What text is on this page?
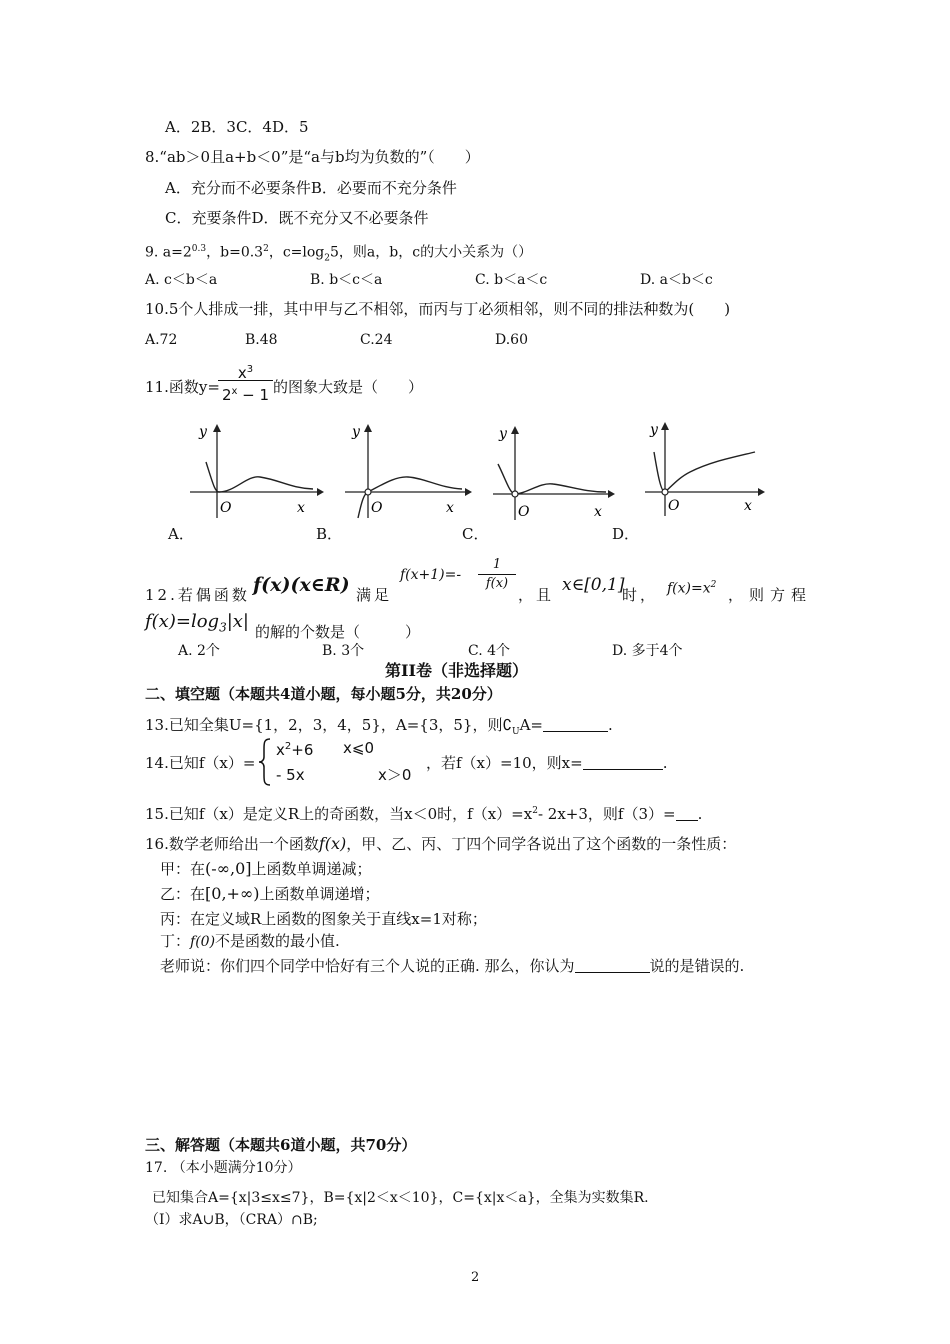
A．2B．3C．4D．5
8.“ab＞0且a+b＜0”是“a与b均为负数的”（　　）
A．充分而不必要条件B．必要而不充分条件
C．充要条件D．既不充分又不必要条件
9. $a=2^{0.3}$，$b=0.3^2$，$c=\log_25$，则a，b，c的大小关系为（）
A. c＜b＜a	B. b＜c＜a	C. b＜a＜c	D. a＜b＜c
10.5个人排成一排，其中甲与乙不相邻，而丙与丁必须相邻，则不同的排法种数为(　　)
A.72	B.48	C.24	D.60
11.函数y=
$x^3$
$2^x - 1$ 的图象大致是（　　）
y
x
O
y
x
O
y
x
O
y
x
O
A．	B．	C．	D．
12.若偶函数 f(x)(x∈R) 满足
f(x+1)=-
1
f(x)
，且 x∈[0,1]
时， $f(x)=x^2$
，则方程
$f(x)=\log_3|x|$ 的解的个数是（　　　）
A. 2个	B. 3个	C. 4个	D. 多于4个
第II卷（非选择题）
二、填空题（本题共4道小题，每小题5分，共20分）
13.已知全集U={1，2，3，4，5}，A={3，5}，则$∁_UA=$	.
14.已知f（x）=
$x^2+6$ x⩽0
- 5x	x＞0
，若f（x）=10，则x=	.
15.已知f（x）是定义R上的奇函数，当x＜0时，$f(x)=x^2-$ 2x+3，则f（3）= .
16.数学老师给出一个函数f(x)，甲、乙、丙、丁四个同学各说出了这个函数的一条性质：
甲：在(-∞,0]上函数单调递减；
乙：在[0,+∞)上函数单调递增；
丙：在定义域R上函数的图象关于直线x=1对称；
丁：f(0)不是函数的最小值.
老师说：你们四个同学中恰好有三个人说的正确. 那么，你认为	说的是错误的.
三、解答题（本题共6道小题，共70分）
17. （本小题满分10分）
已知集合A={x|3≤x≤7}，B={x|2＜x＜10}，C={x|x＜a}，全集为实数集R.
（Ⅰ）求A∪B，（CRA）∩B;
2
